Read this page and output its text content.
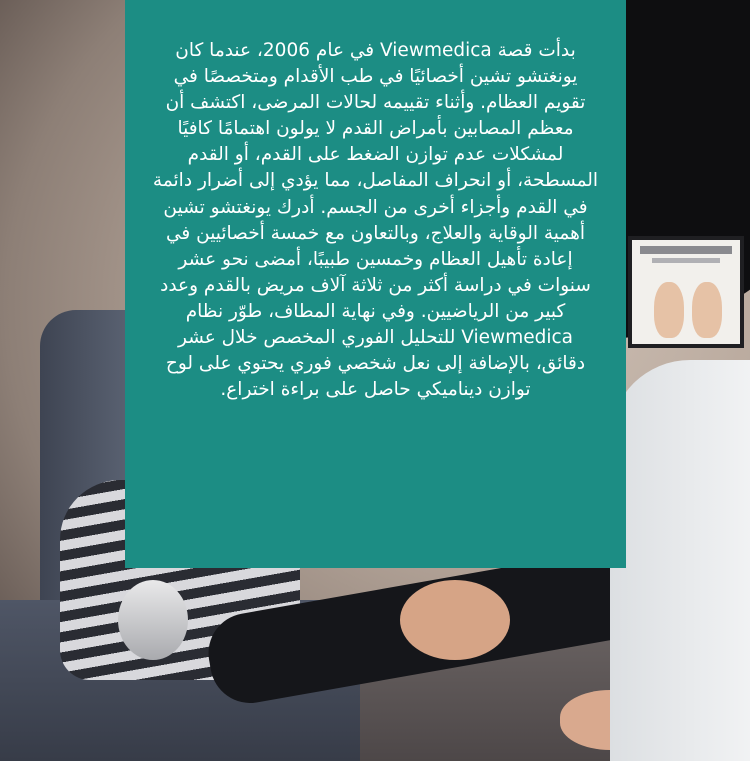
بدأت قصة Viewmedica في عام 2006، عندما كان يونغتشو تشين أخصائيًا في طب الأقدام ومتخصصًا في تقويم العظام. وأثناء تقييمه لحالات المرضى، اكتشف أن معظم المصابين بأمراض القدم لا يولون اهتمامًا كافيًا لمشكلات عدم توازن الضغط على القدم، أو القدم المسطحة، أو انحراف المفاصل، مما يؤدي إلى أضرار دائمة في القدم وأجزاء أخرى من الجسم. أدرك يونغتشو تشين أهمية الوقاية والعلاج، وبالتعاون مع خمسة أخصائيين في إعادة تأهيل العظام وخمسين طبيبًا، أمضى نحو عشر سنوات في دراسة أكثر من ثلاثة آلاف مريض بالقدم وعدد كبير من الرياضيين. وفي نهاية المطاف، طوّر نظام Viewmedica للتحليل الفوري المخصص خلال عشر دقائق، بالإضافة إلى نعل شخصي فوري يحتوي على لوح توازن ديناميكي حاصل على براءة اختراع.
